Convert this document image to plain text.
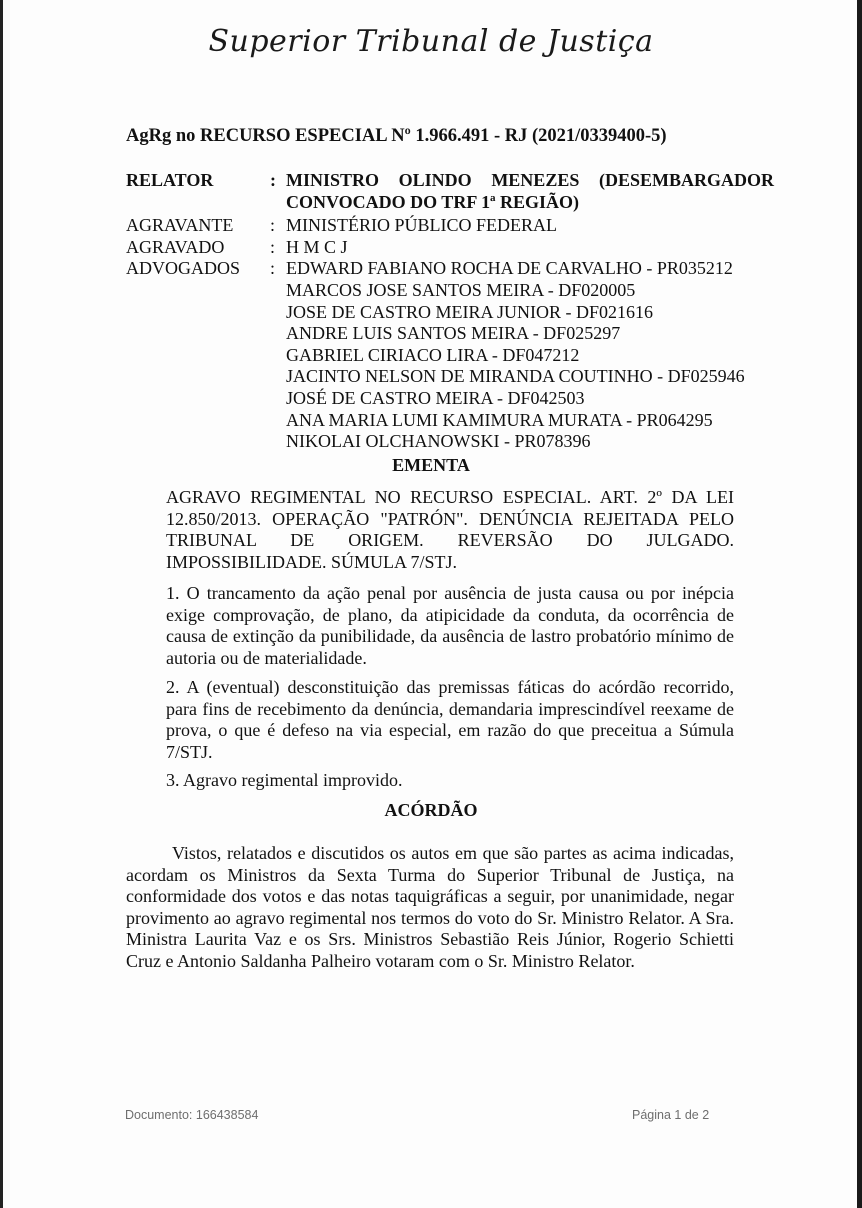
Superior Tribunal de Justiça
AgRg no RECURSO ESPECIAL Nº 1.966.491 - RJ (2021/0339400-5)
RELATOR	: MINISTRO OLINDO MENEZES (DESEMBARGADOR
CONVOCADO DO TRF 1ª REGIÃO)
AGRAVANTE	: MINISTÉRIO PÚBLICO FEDERAL
AGRAVADO	: H M C J
ADVOGADOS	: EDWARD FABIANO ROCHA DE CARVALHO - PR035212
MARCOS JOSE SANTOS MEIRA - DF020005
JOSE DE CASTRO MEIRA JUNIOR - DF021616
ANDRE LUIS SANTOS MEIRA - DF025297
GABRIEL CIRIACO LIRA - DF047212
JACINTO NELSON DE MIRANDA COUTINHO - DF025946
JOSÉ DE CASTRO MEIRA - DF042503
ANA MARIA LUMI KAMIMURA MURATA - PR064295
NIKOLAI OLCHANOWSKI - PR078396
EMENTA
AGRAVO REGIMENTAL NO RECURSO ESPECIAL. ART. 2º DA LEI 12.850/2013. OPERAÇÃO "PATRÓN". DENÚNCIA REJEITADA PELO TRIBUNAL DE ORIGEM. REVERSÃO DO JULGADO. IMPOSSIBILIDADE. SÚMULA 7/STJ.
1. O trancamento da ação penal por ausência de justa causa ou por inépcia exige comprovação, de plano, da atipicidade da conduta, da ocorrência de causa de extinção da punibilidade, da ausência de lastro probatório mínimo de autoria ou de materialidade.
2. A (eventual) desconstituição das premissas fáticas do acórdão recorrido, para fins de recebimento da denúncia, demandaria imprescindível reexame de prova, o que é defeso na via especial, em razão do que preceitua a Súmula 7/STJ.
3. Agravo regimental improvido.
ACÓRDÃO
Vistos, relatados e discutidos os autos em que são partes as acima indicadas, acordam os Ministros da Sexta Turma do Superior Tribunal de Justiça, na conformidade dos votos e das notas taquigráficas a seguir, por unanimidade, negar provimento ao agravo regimental nos termos do voto do Sr. Ministro Relator. A Sra. Ministra Laurita Vaz e os Srs. Ministros Sebastião Reis Júnior, Rogerio Schietti Cruz e Antonio Saldanha Palheiro votaram com o Sr. Ministro Relator.
Documento: 166438584	Página 1 de 2
